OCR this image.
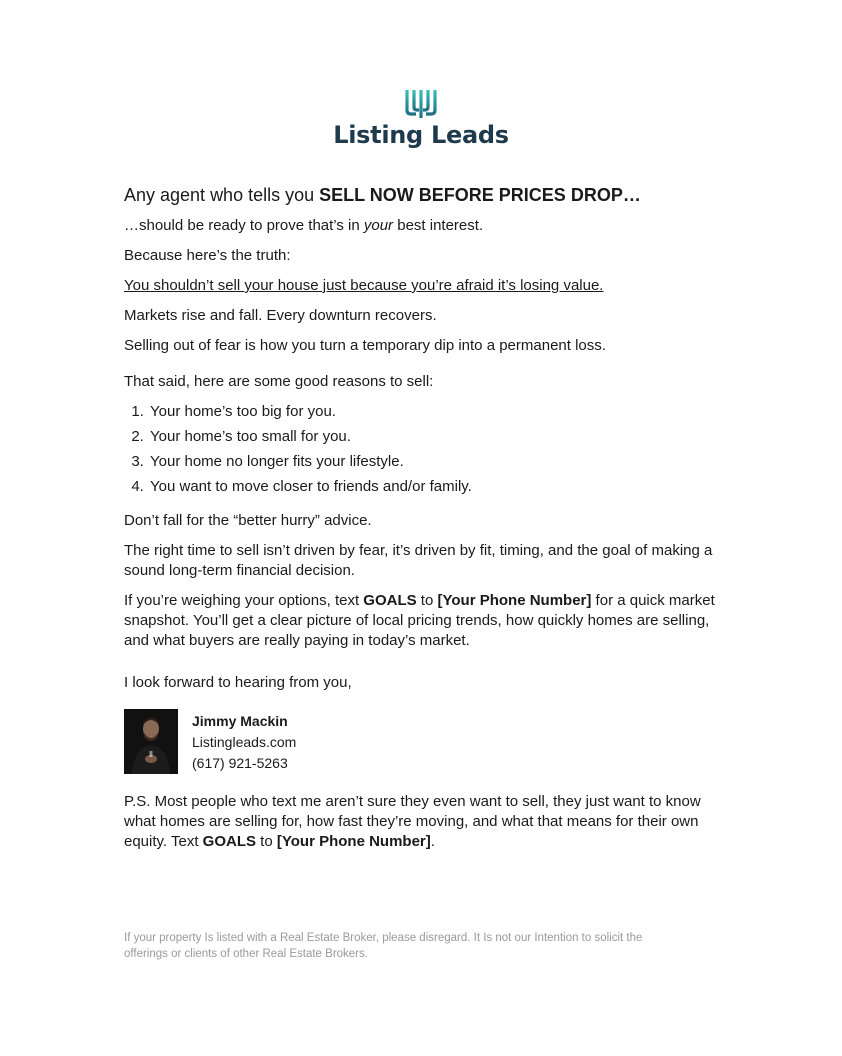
Listing Leads
Any agent who tells you SELL NOW BEFORE PRICES DROP…

…should be ready to prove that’s in your best interest.

Because here’s the truth:

You shouldn’t sell your house just because you’re afraid it’s losing value.

Markets rise and fall. Every downturn recovers.

Selling out of fear is how you turn a temporary dip into a permanent loss.

That said, here are some good reasons to sell:

1. Your home’s too big for you.
2. Your home’s too small for you.
3. Your home no longer fits your lifestyle.
4. You want to move closer to friends and/or family.

Don’t fall for the “better hurry” advice.

The right time to sell isn’t driven by fear, it’s driven by fit, timing, and the goal of making a sound long-term financial decision.

If you’re weighing your options, text GOALS to [Your Phone Number] for a quick market snapshot. You’ll get a clear picture of local pricing trends, how quickly homes are selling, and what buyers are really paying in today’s market.

I look forward to hearing from you,

Jimmy Mackin
Listingleads.com
(617) 921-5263

P.S. Most people who text me aren’t sure they even want to sell, they just want to know what homes are selling for, how fast they’re moving, and what that means for their own equity. Text GOALS to [Your Phone Number].

If your property Is listed with a Real Estate Broker, please disregard. It Is not our Intention to solicit the offerings or clients of other Real Estate Brokers.
